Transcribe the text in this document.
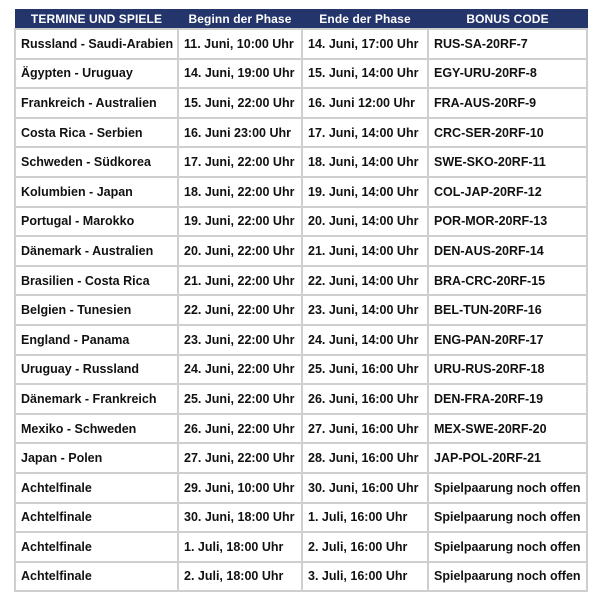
TERMINE UND SPIELE	Beginn der Phase	Ende der Phase	BONUS CODE
Russland - Saudi-Arabien	11. Juni, 10:00 Uhr	14. Juni, 17:00 Uhr	RUS-SA-20RF-7
Ägypten - Uruguay	14. Juni, 19:00 Uhr	15. Juni, 14:00 Uhr	EGY-URU-20RF-8
Frankreich - Australien	15. Juni, 22:00 Uhr	16. Juni 12:00 Uhr	FRA-AUS-20RF-9
Costa Rica - Serbien	16. Juni 23:00 Uhr	17. Juni, 14:00 Uhr	CRC-SER-20RF-10
Schweden - Südkorea	17. Juni, 22:00 Uhr	18. Juni, 14:00 Uhr	SWE-SKO-20RF-11
Kolumbien - Japan	18. Juni, 22:00 Uhr	19. Juni, 14:00 Uhr	COL-JAP-20RF-12
Portugal - Marokko	19. Juni, 22:00 Uhr	20. Juni, 14:00 Uhr	POR-MOR-20RF-13
Dänemark - Australien	20. Juni, 22:00 Uhr	21. Juni, 14:00 Uhr	DEN-AUS-20RF-14
Brasilien - Costa Rica	21. Juni, 22:00 Uhr	22. Juni, 14:00 Uhr	BRA-CRC-20RF-15
Belgien - Tunesien	22. Juni, 22:00 Uhr	23. Juni, 14:00 Uhr	BEL-TUN-20RF-16
England - Panama	23. Juni, 22:00 Uhr	24. Juni, 14:00 Uhr	ENG-PAN-20RF-17
Uruguay - Russland	24. Juni, 22:00 Uhr	25. Juni, 16:00 Uhr	URU-RUS-20RF-18
Dänemark - Frankreich	25. Juni, 22:00 Uhr	26. Juni, 16:00 Uhr	DEN-FRA-20RF-19
Mexiko - Schweden	26. Juni, 22:00 Uhr	27. Juni, 16:00 Uhr	MEX-SWE-20RF-20
Japan - Polen	27. Juni, 22:00 Uhr	28. Juni, 16:00 Uhr	JAP-POL-20RF-21
Achtelfinale	29. Juni, 10:00 Uhr	30. Juni, 16:00 Uhr	Spielpaarung noch offen
Achtelfinale	30. Juni, 18:00 Uhr	1. Juli, 16:00 Uhr	Spielpaarung noch offen
Achtelfinale	1. Juli, 18:00 Uhr	2. Juli, 16:00 Uhr	Spielpaarung noch offen
Achtelfinale	2. Juli, 18:00 Uhr	3. Juli, 16:00 Uhr	Spielpaarung noch offen
